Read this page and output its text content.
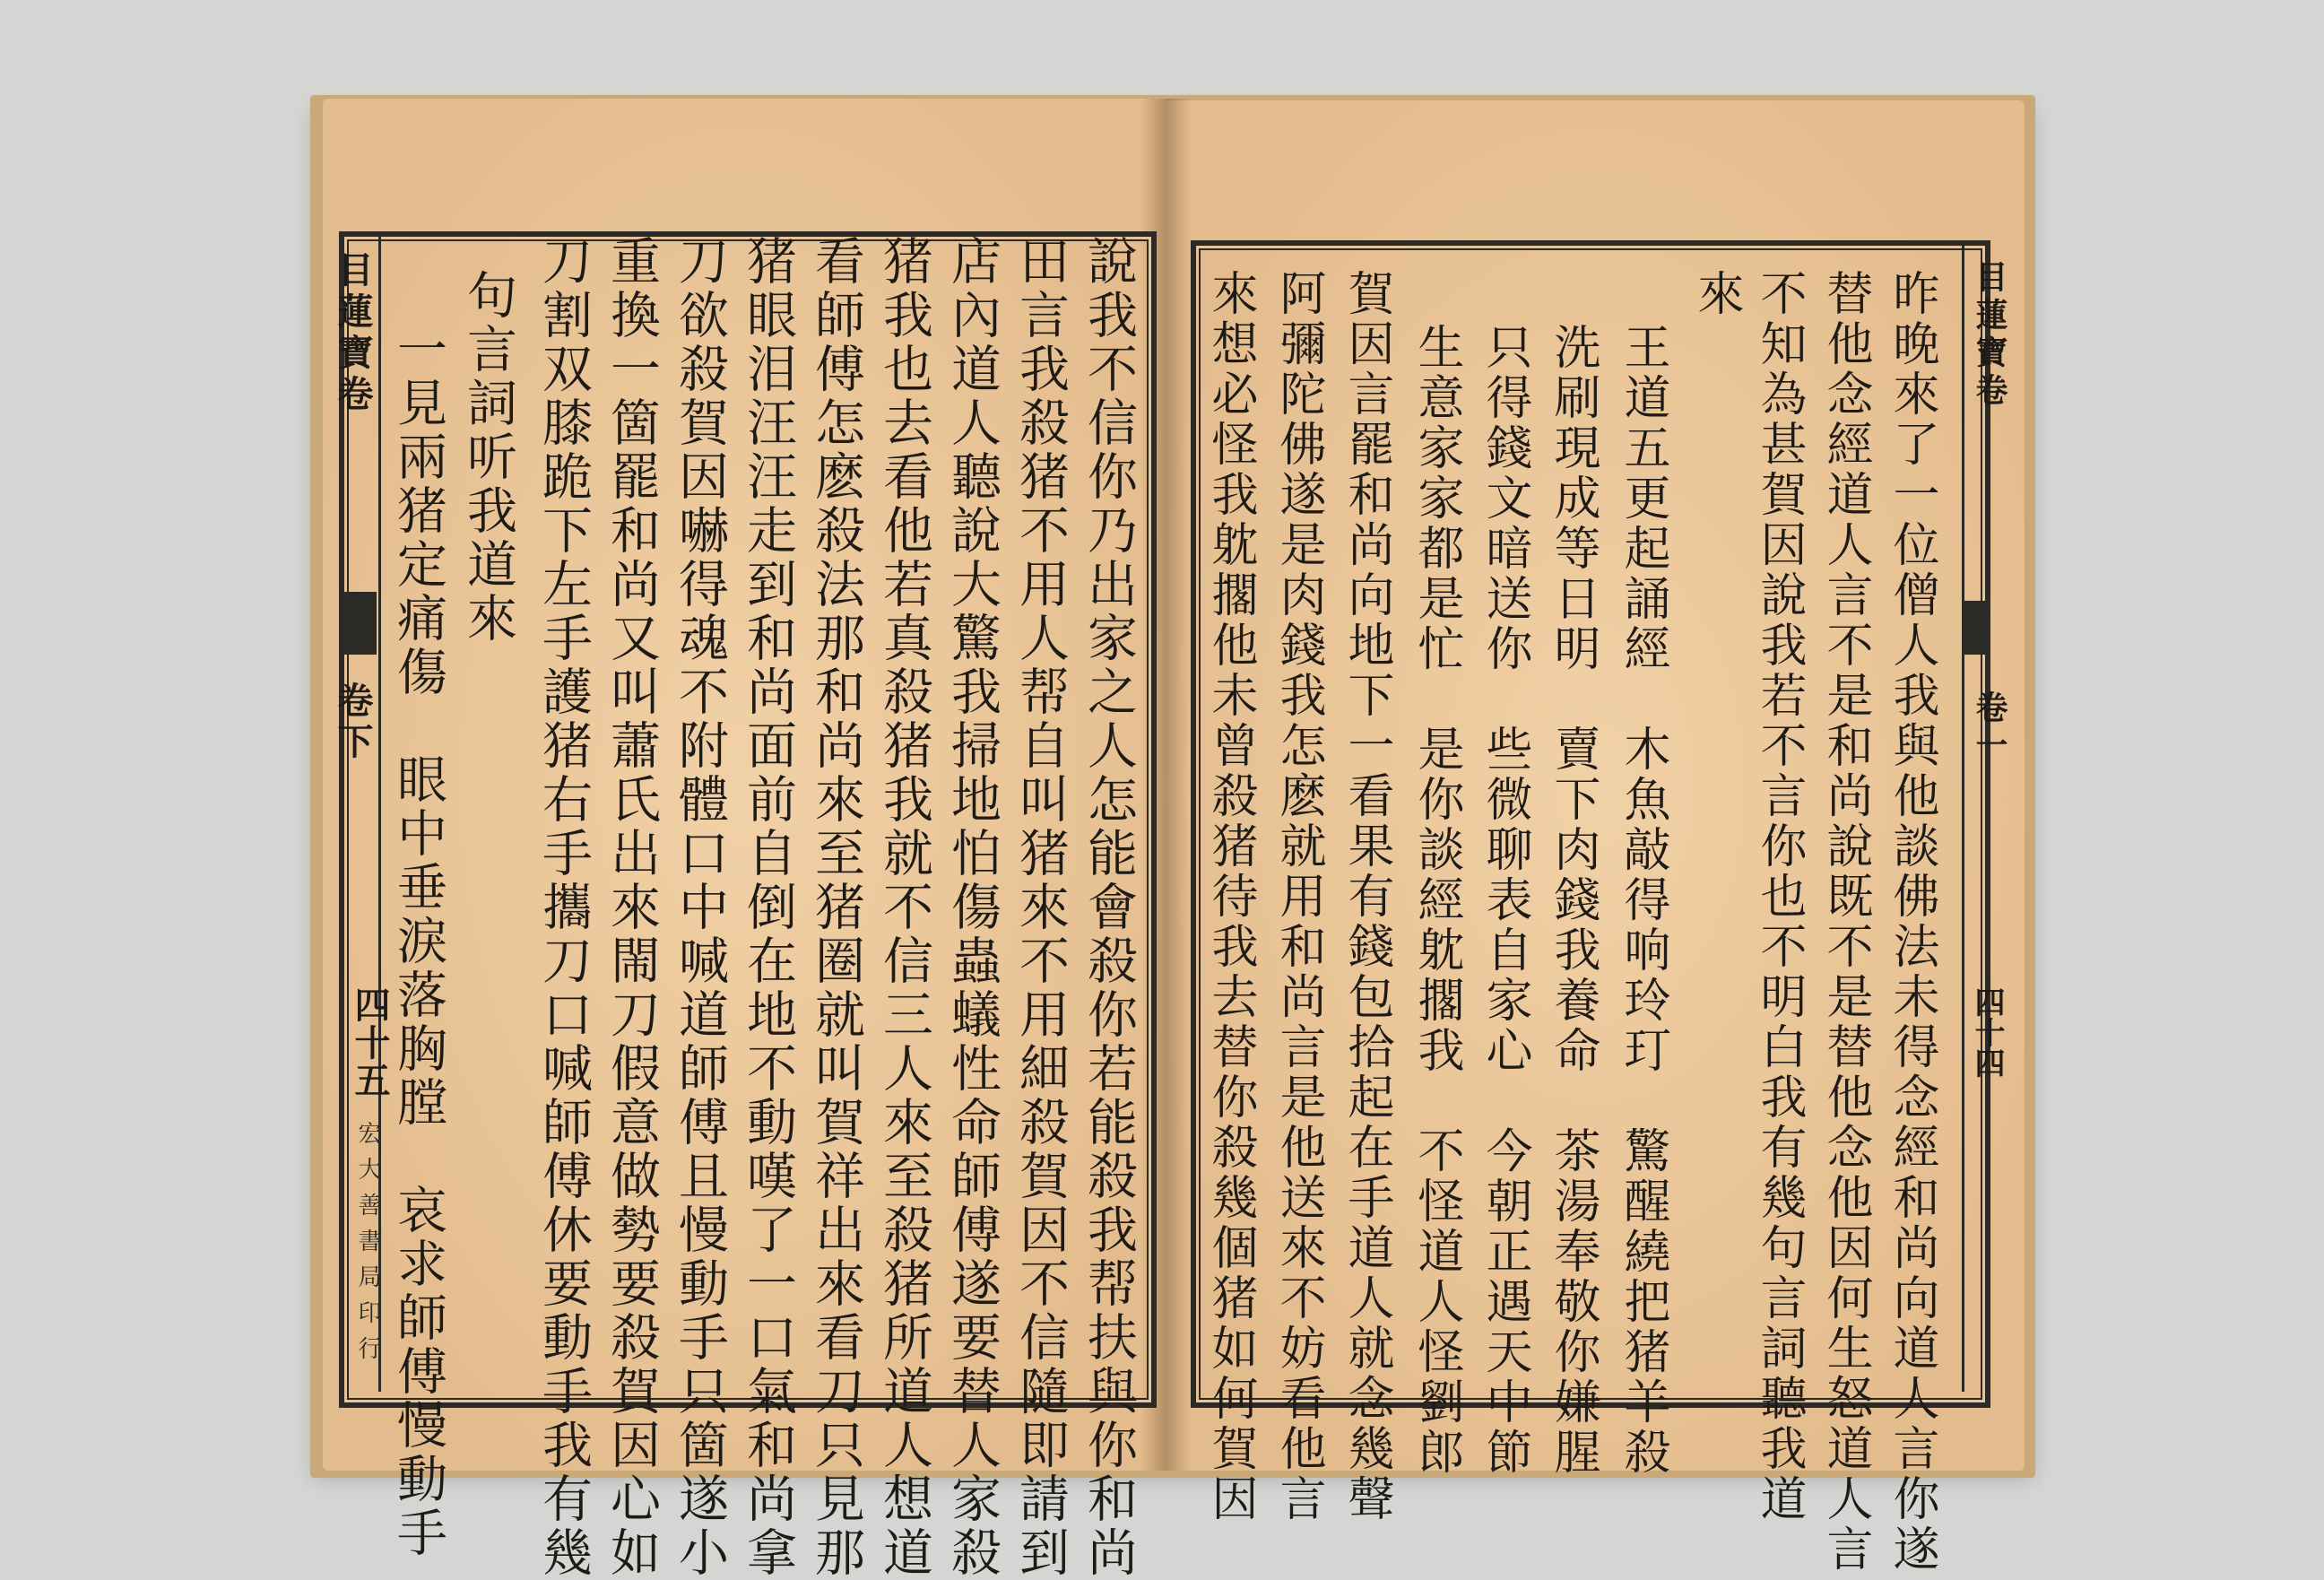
目蓮寶卷
卷下
四十五
宏大善書局印行	說我不信你乃出家之人怎能會殺你若能殺我帮扶與你和尚
田言我殺猪不用人帮自叫猪來不用細殺賀因不信隨即請到
店內道人聽說大驚我掃地怕傷蟲蟻性命師傅遂要替人家殺
猪我也去看他若真殺猪我就不信三人來至殺猪所道人想道
看師傅怎麽殺法那和尚來至猪圈就叫賀祥出來看刀只見那
猪眼泪汪汪走到和尚面前自倒在地不動嘆了一口氣和尚拿
刀欲殺賀因嚇得魂不附體口中喊道師傅且慢動手只箇遂小
重換一箇罷和尚又叫蕭氏出來閙刀假意做勢要殺賀因心如
刀割双膝跪下左手護猪右手攜刀口喊師傅休要動手我有幾
句言詞听我道來
一見兩猪定痛傷　眼中垂淚落胸膛　哀求師傅慢動手	目蓮寶卷
卷一
四十四
昨晚來了一位僧人我與他談佛法未得念經和尚向道人言你遂
替他念經道人言不是和尚說既不是替他念他因何生怒道人言
不知為甚賀因說我若不言你也不明白我有幾句言詞聽我道
來
王道五更起誦經　木魚敲得响玲玎　驚醒繞把猪羊殺
洗刷現成等日明　賣下肉錢我養命　茶湯奉敬你嫌腥
只得錢文暗送你　些微聊表自家心　今朝正遇天中節
生意家家都是忙　是你談經躭擱我　不怪道人怪劉郎
賀因言罷和尚向地下一看果有錢包拾起在手道人就念幾聲
阿彌陀佛遂是肉錢我怎麽就用和尚言是他送來不妨看他言
來想必怪我躭擱他未曾殺猪待我去替你殺幾個猪如何賀因
